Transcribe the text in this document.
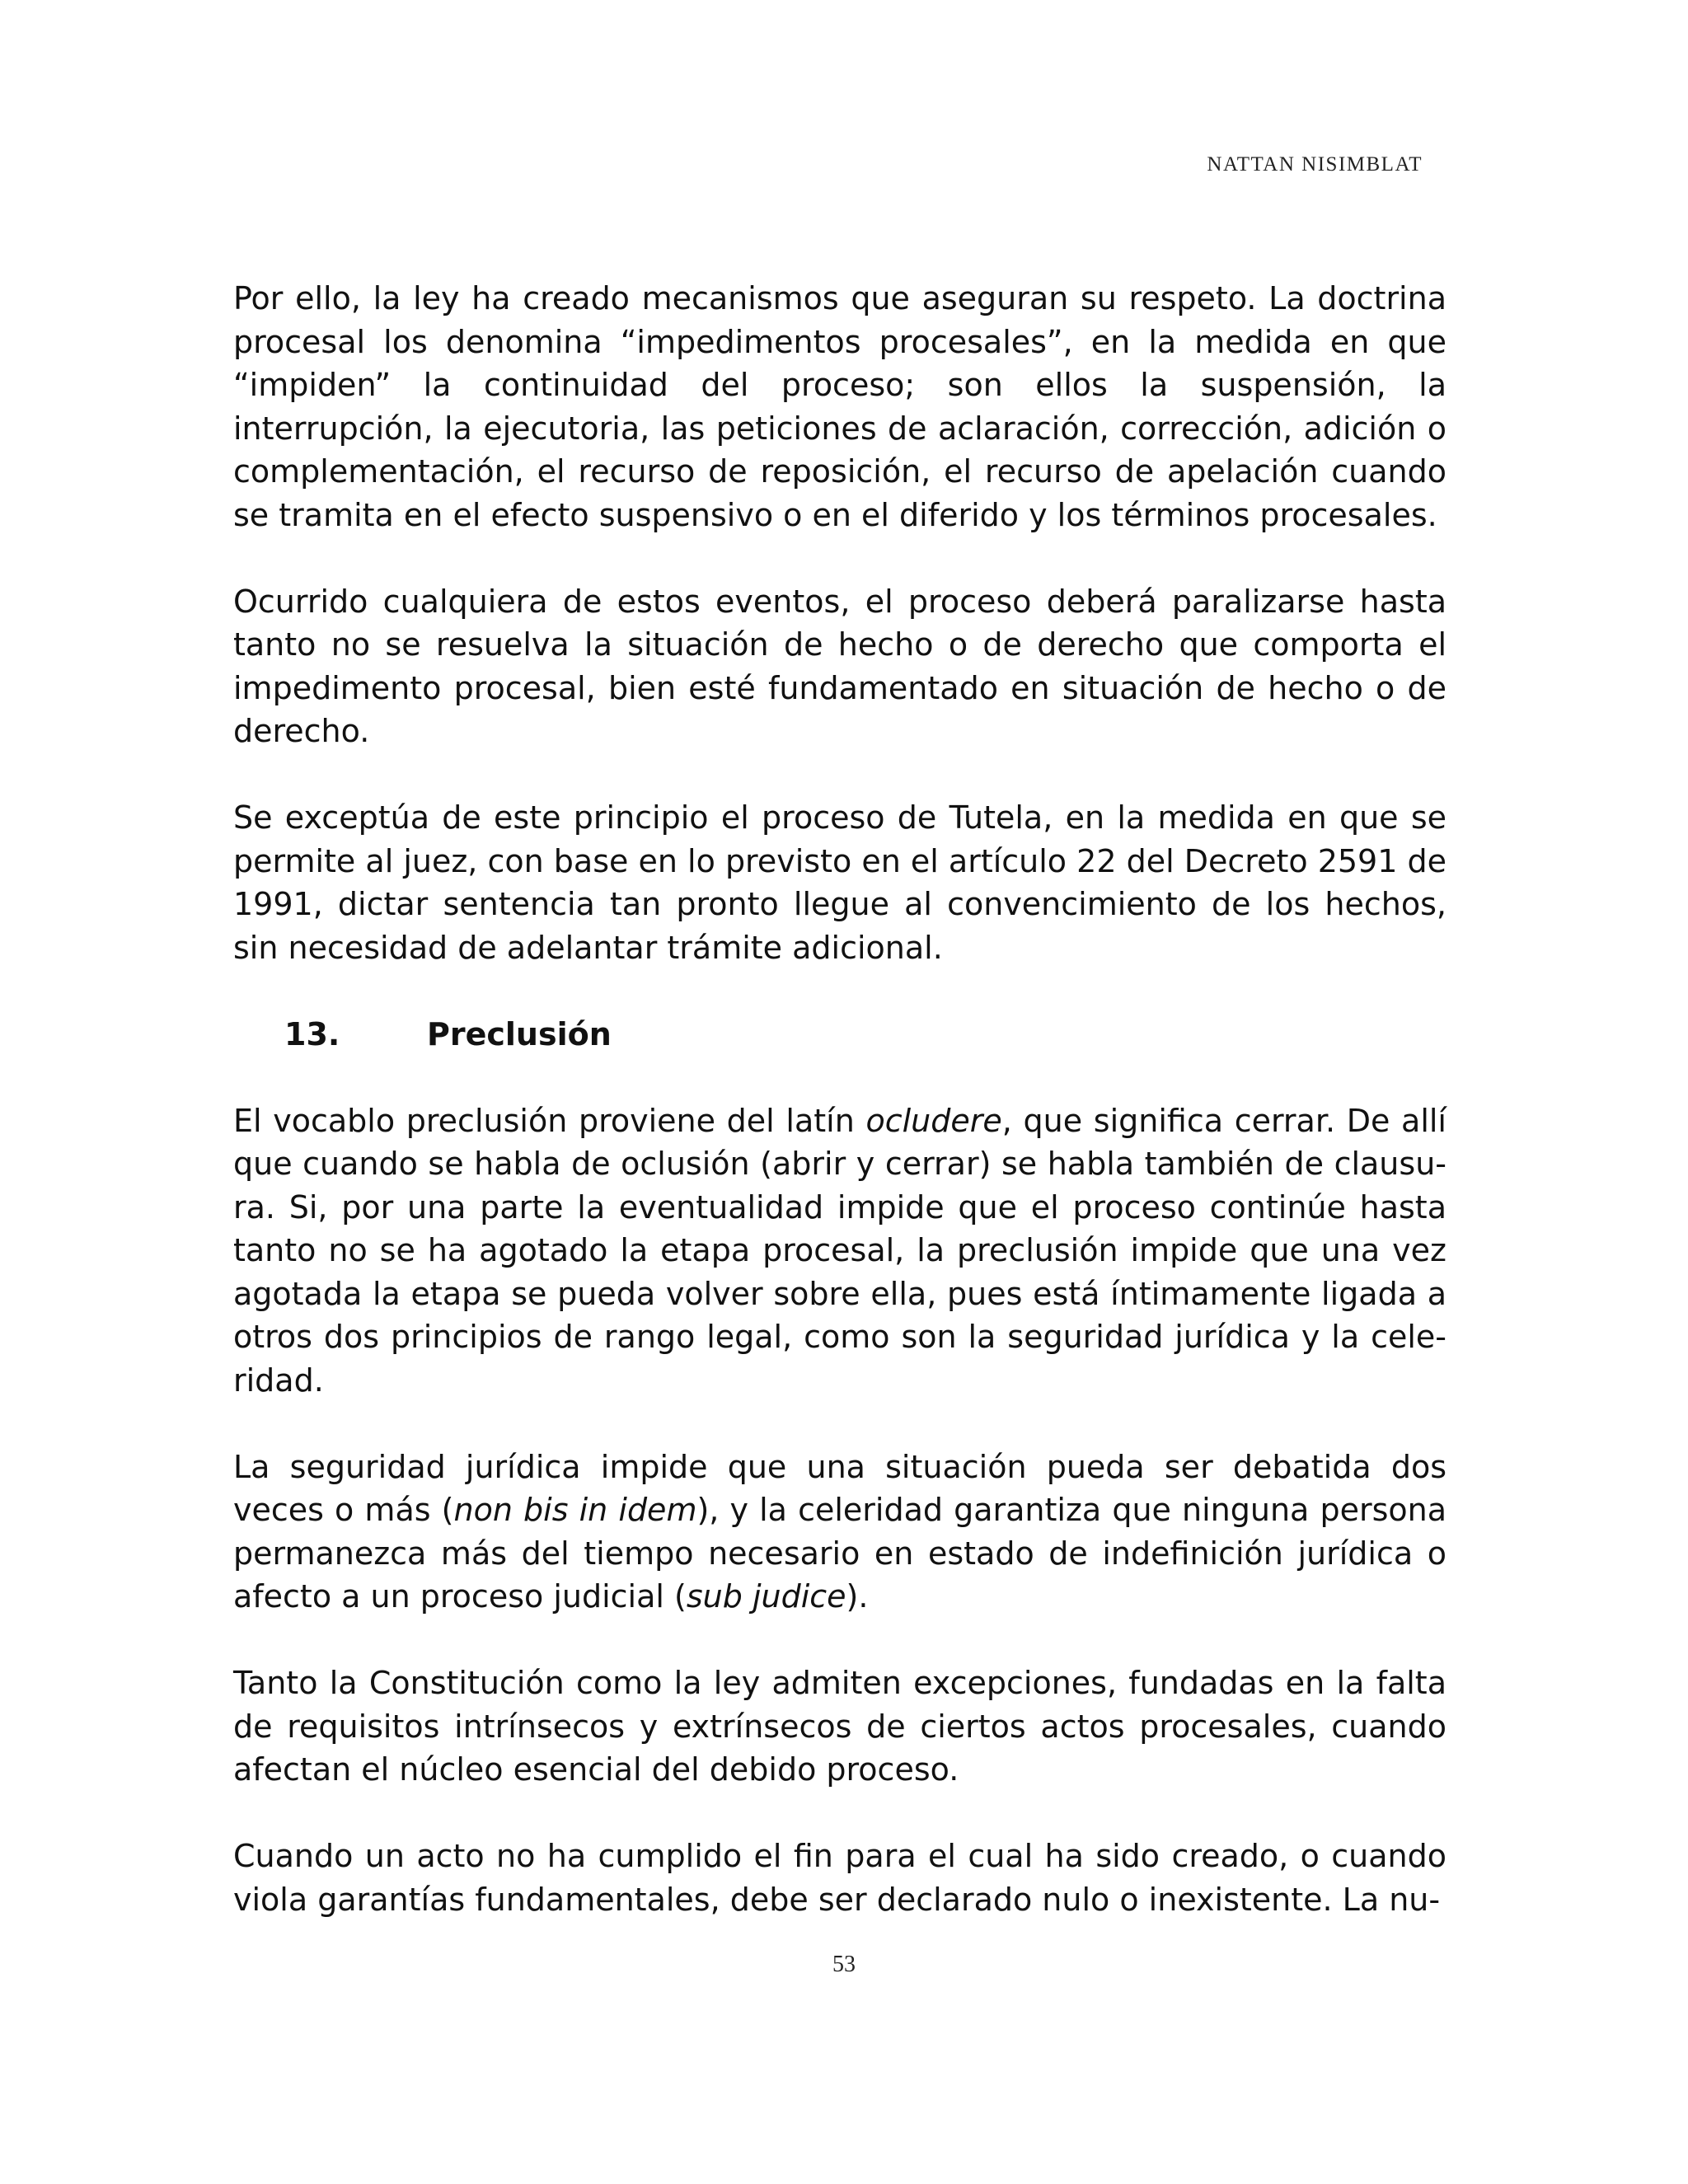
NATTAN NISIMBLAT

Por ello, la ley ha creado mecanismos que aseguran su respeto. La doctrina procesal los denomina “impedimentos procesales”, en la medida en que “impiden” la continuidad del proceso; son ellos la suspensión, la interrupción, la ejecutoria, las peticiones de aclaración, corrección, adición o complementación, el recurso de reposición, el recurso de apelación cuando se tramita en el efecto suspensivo o en el diferido y los términos procesales.

Ocurrido cualquiera de estos eventos, el proceso deberá paralizarse hasta tanto no se resuelva la situación de hecho o de derecho que comporta el impedimento procesal, bien esté fundamentado en situación de hecho o de derecho.

Se exceptúa de este principio el proceso de Tutela, en la medida en que se permite al juez, con base en lo previsto en el artículo 22 del Decreto 2591 de 1991, dictar sentencia tan pronto llegue al convencimiento de los hechos, sin necesidad de adelantar trámite adicional.

13.	Preclusión

El vocablo preclusión proviene del latín ocludere, que significa cerrar. De allí que cuando se habla de oclusión (abrir y cerrar) se habla también de clausura. Si, por una parte la eventualidad impide que el proceso continúe hasta tanto no se ha agotado la etapa procesal, la preclusión impide que una vez agotada la etapa se pueda volver sobre ella, pues está íntimamente ligada a otros dos principios de rango legal, como son la seguridad jurídica y la celeridad.

La seguridad jurídica impide que una situación pueda ser debatida dos veces o más (non bis in idem), y la celeridad garantiza que ninguna persona permanezca más del tiempo necesario en estado de indefinición jurídica o afecto a un proceso judicial (sub judice).

Tanto la Constitución como la ley admiten excepciones, fundadas en la falta de requisitos intrínsecos y extrínsecos de ciertos actos procesales, cuando afectan el núcleo esencial del debido proceso.

Cuando un acto no ha cumplido el fin para el cual ha sido creado, o cuando viola garantías fundamentales, debe ser declarado nulo o inexistente. La nu-

53
